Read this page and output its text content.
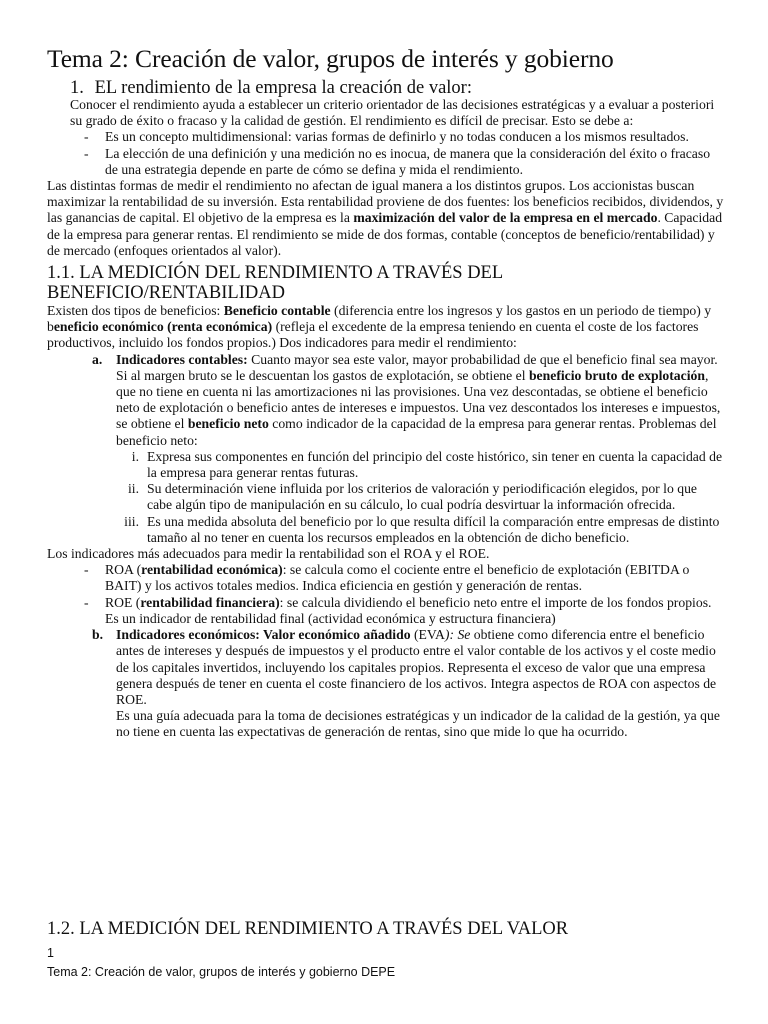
Tema 2: Creación de valor, grupos de interés y gobierno
1. EL rendimiento de la empresa la creación de valor:

Conocer el rendimiento ayuda a establecer un criterio orientador de las decisiones estratégicas y a evaluar a posteriori su grado de éxito o fracaso y la calidad de gestión. El rendimiento es difícil de precisar. Esto se debe a:

- Es un concepto multidimensional: varias formas de definirlo y no todas conducen a los mismos resultados.
- La elección de una definición y una medición no es inocua, de manera que la consideración del éxito o fracaso de una estrategia depende en parte de cómo se defina y mida el rendimiento.

Las distintas formas de medir el rendimiento no afectan de igual manera a los distintos grupos. Los accionistas buscan maximizar la rentabilidad de su inversión. Esta rentabilidad proviene de dos fuentes: los beneficios recibidos, dividendos, y las ganancias de capital. El objetivo de la empresa es la maximización del valor de la empresa en el mercado. Capacidad de la empresa para generar rentas. El rendimiento se mide de dos formas, contable (conceptos de beneficio/rentabilidad) y de mercado (enfoques orientados al valor).

1.1. LA MEDICIÓN DEL RENDIMIENTO A TRAVÉS DEL BENEFICIO/RENTABILIDAD

Existen dos tipos de beneficios: Beneficio contable (diferencia entre los ingresos y los gastos en un periodo de tiempo) y beneficio económico (renta económica) (refleja el excedente de la empresa teniendo en cuenta el coste de los factores productivos, incluido los fondos propios.) Dos indicadores para medir el rendimiento:

a. Indicadores contables: Cuanto mayor sea este valor, mayor probabilidad de que el beneficio final sea mayor. Si al margen bruto se le descuentan los gastos de explotación, se obtiene el beneficio bruto de explotación, que no tiene en cuenta ni las amortizaciones ni las provisiones. Una vez descontadas, se obtiene el beneficio neto de explotación o beneficio antes de intereses e impuestos. Una vez descontados los intereses e impuestos, se obtiene el beneficio neto como indicador de la capacidad de la empresa para generar rentas. Problemas del beneficio neto:
i. Expresa sus componentes en función del principio del coste histórico, sin tener en cuenta la capacidad de la empresa para generar rentas futuras.
ii. Su determinación viene influida por los criterios de valoración y periodificación elegidos, por lo que cabe algún tipo de manipulación en su cálculo, lo cual podría desvirtuar la información ofrecida.
iii. Es una medida absoluta del beneficio por lo que resulta difícil la comparación entre empresas de distinto tamaño al no tener en cuenta los recursos empleados en la obtención de dicho beneficio.

Los indicadores más adecuados para medir la rentabilidad son el ROA y el ROE.

- ROA (rentabilidad económica): se calcula como el cociente entre el beneficio de explotación (EBITDA o BAIT) y los activos totales medios. Indica eficiencia en gestión y generación de rentas.
- ROE (rentabilidad financiera): se calcula dividiendo el beneficio neto entre el importe de los fondos propios. Es un indicador de rentabilidad final (actividad económica y estructura financiera)
b. Indicadores económicos: Valor económico añadido (EVA): Se obtiene como diferencia entre el beneficio antes de intereses y después de impuestos y el producto entre el valor contable de los activos y el coste medio de los capitales invertidos, incluyendo los capitales propios. Representa el exceso de valor que una empresa genera después de tener en cuenta el coste financiero de los activos. Integra aspectos de ROA con aspectos de ROE.

Es una guía adecuada para la toma de decisiones estratégicas y un indicador de la calidad de la gestión, ya que no tiene en cuenta las expectativas de generación de rentas, sino que mide lo que ha ocurrido.

1.2. LA MEDICIÓN DEL RENDIMIENTO A TRAVÉS DEL VALOR
1
Tema 2: Creación de valor, grupos de interés y gobierno DEPE
